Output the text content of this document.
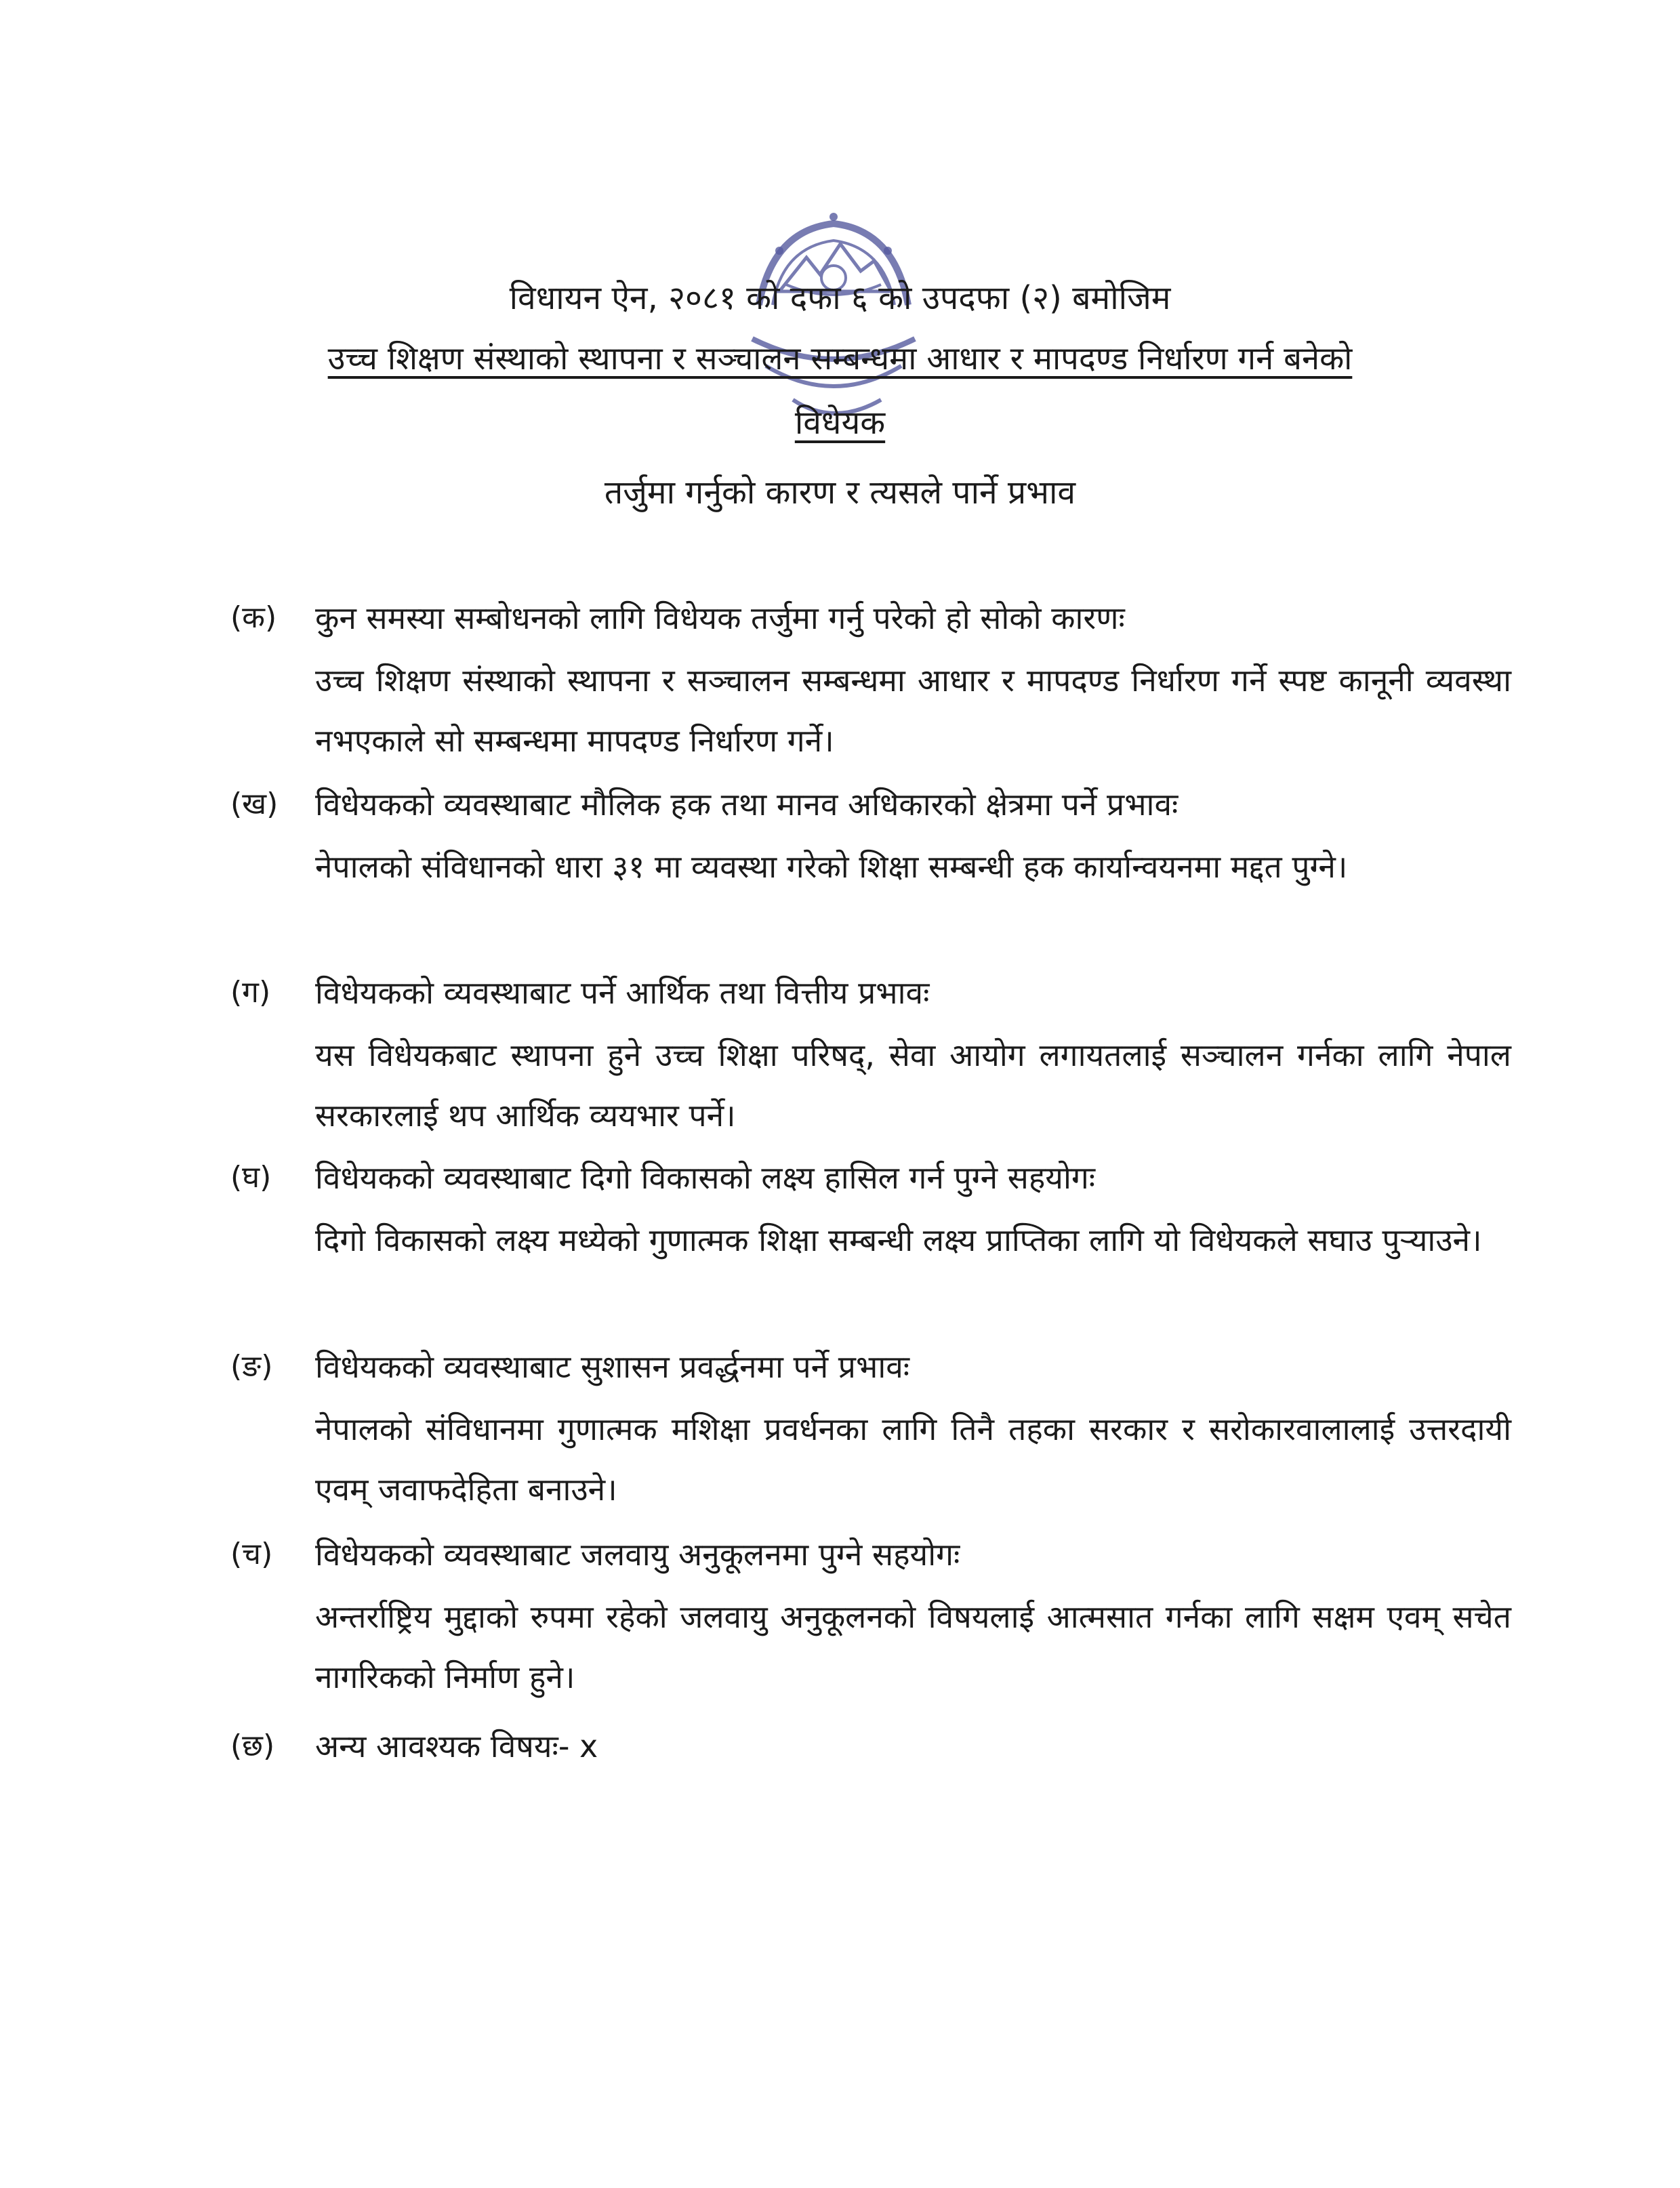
विधायन ऐन, २०८१ को दफा ६ को उपदफा (२) बमोजिम
उच्च शिक्षण संस्थाको स्थापना र सञ्चालन सम्बन्धमा आधार र मापदण्ड निर्धारण गर्न बनेको
विधेयक
तर्जुमा गर्नुको कारण र त्यसले पार्ने प्रभाव
(क) कुन समस्या सम्बोधनको लागि विधेयक तर्जुमा गर्नु परेको हो सोको कारणः
उच्च शिक्षण संस्थाको स्थापना र सञ्चालन सम्बन्धमा आधार र मापदण्ड निर्धारण गर्ने स्पष्ट कानूनी व्यवस्था नभएकाले सो सम्बन्धमा मापदण्ड निर्धारण गर्ने।
(ख) विधेयकको व्यवस्थाबाट मौलिक हक तथा मानव अधिकारको क्षेत्रमा पर्ने प्रभावः
नेपालको संविधानको धारा ३१ मा व्यवस्था गरेको शिक्षा सम्बन्धी हक कार्यान्वयनमा मद्दत पुग्ने।
(ग) विधेयकको व्यवस्थाबाट पर्ने आर्थिक तथा वित्तीय प्रभावः
यस विधेयकबाट स्थापना हुने उच्च शिक्षा परिषद्, सेवा आयोग लगायतलाई सञ्चालन गर्नका लागि नेपाल सरकारलाई थप आर्थिक व्ययभार पर्ने।
(घ) विधेयकको व्यवस्थाबाट दिगो विकासको लक्ष्य हासिल गर्न पुग्ने सहयोगः
दिगो विकासको लक्ष्य मध्येको गुणात्मक शिक्षा सम्बन्धी लक्ष्य प्राप्तिका लागि यो विधेयकले सघाउ पुऱ्याउने।
(ङ) विधेयकको व्यवस्थाबाट सुशासन प्रवर्द्धनमा पर्ने प्रभावः
नेपालको संविधानमा गुणात्मक मशिक्षा प्रवर्धनका लागि तिनै तहका सरकार र सरोकारवालालाई उत्तरदायी एवम् जवाफदेहिता बनाउने।
(च) विधेयकको व्यवस्थाबाट जलवायु अनुकूलनमा पुग्ने सहयोगः
अन्तर्राष्ट्रिय मुद्दाको रुपमा रहेको जलवायु अनुकूलनको विषयलाई आत्मसात गर्नका लागि सक्षम एवम् सचेत नागरिकको निर्माण हुने।
(छ) अन्य आवश्यक विषयः- x
